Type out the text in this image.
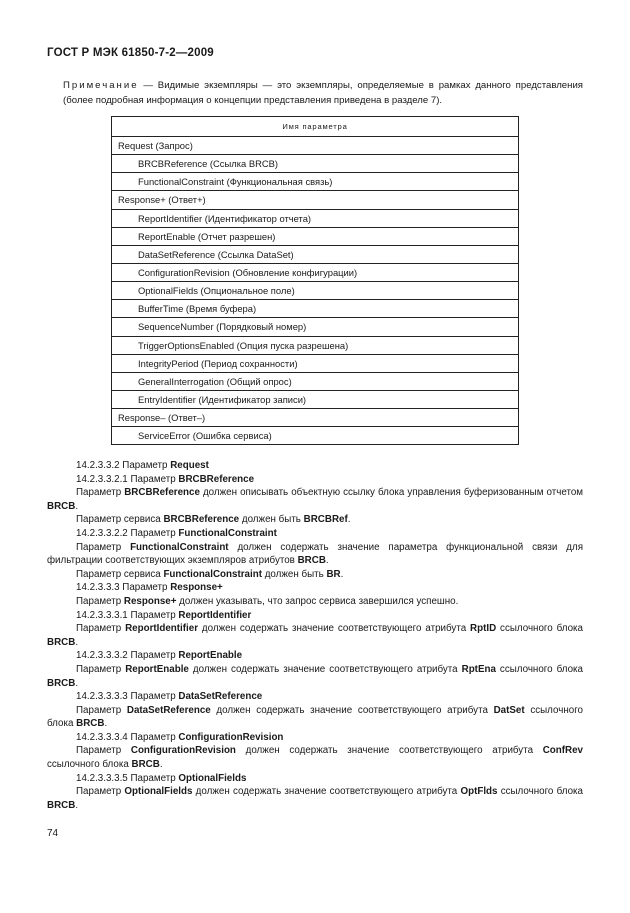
ГОСТ Р МЭК 61850-7-2—2009
Примечание — Видимые экземпляры — это экземпляры, определяемые в рамках данного представления (более подробная информация о концепции представления приведена в разделе 7).
Имя параметра
Request (Запрос)
BRCBReference (Ссылка BRCB)
FunctionalConstraint (Функциональная связь)
Response+ (Ответ+)
ReportIdentifier (Идентификатор отчета)
ReportEnable (Отчет разрешен)
DataSetReference (Ссылка DataSet)
ConfigurationRevision (Обновление конфигурации)
OptionalFields (Опциональное поле)
BufferTime (Время буфера)
SequenceNumber (Порядковый номер)
TriggerOptionsEnabled (Опция пуска разрешена)
IntegrityPeriod (Период сохранности)
GeneralInterrogation (Общий опрос)
EntryIdentifier (Идентификатор записи)
Response– (Ответ–)
ServiceError (Ошибка сервиса)

14.2.3.3.2 Параметр Request

14.2.3.3.2.1 Параметр BRCBReference

Параметр BRCBReference должен описывать объектную ссылку блока управления буферизованным отчетом BRCB.

Параметр сервиса BRCBReference должен быть BRCBRef.

14.2.3.3.2.2 Параметр FunctionalConstraint

Параметр FunctionalConstraint должен содержать значение параметра функциональной связи для фильтрации соответствующих экземпляров атрибутов BRCB.

Параметр сервиса FunctionalConstraint должен быть BR.

14.2.3.3.3 Параметр Response+

Параметр Response+ должен указывать, что запрос сервиса завершился успешно.

14.2.3.3.3.1 Параметр ReportIdentifier

Параметр ReportIdentifier должен содержать значение соответствующего атрибута RptID ссылочного блока BRCB.

14.2.3.3.3.2 Параметр ReportEnable

Параметр ReportEnable должен содержать значение соответствующего атрибута RptEna ссылочного блока BRCB.

14.2.3.3.3.3 Параметр DataSetReference

Параметр DataSetReference должен содержать значение соответствующего атрибута DatSet ссылочного блока BRCB.

14.2.3.3.3.4 Параметр ConfigurationRevision

Параметр ConfigurationRevision должен содержать значение соответствующего атрибута ConfRev ссылочного блока BRCB.

14.2.3.3.3.5 Параметр OptionalFields

Параметр OptionalFields должен содержать значение соответствующего атрибута OptFlds ссылочного блока BRCB.

74
